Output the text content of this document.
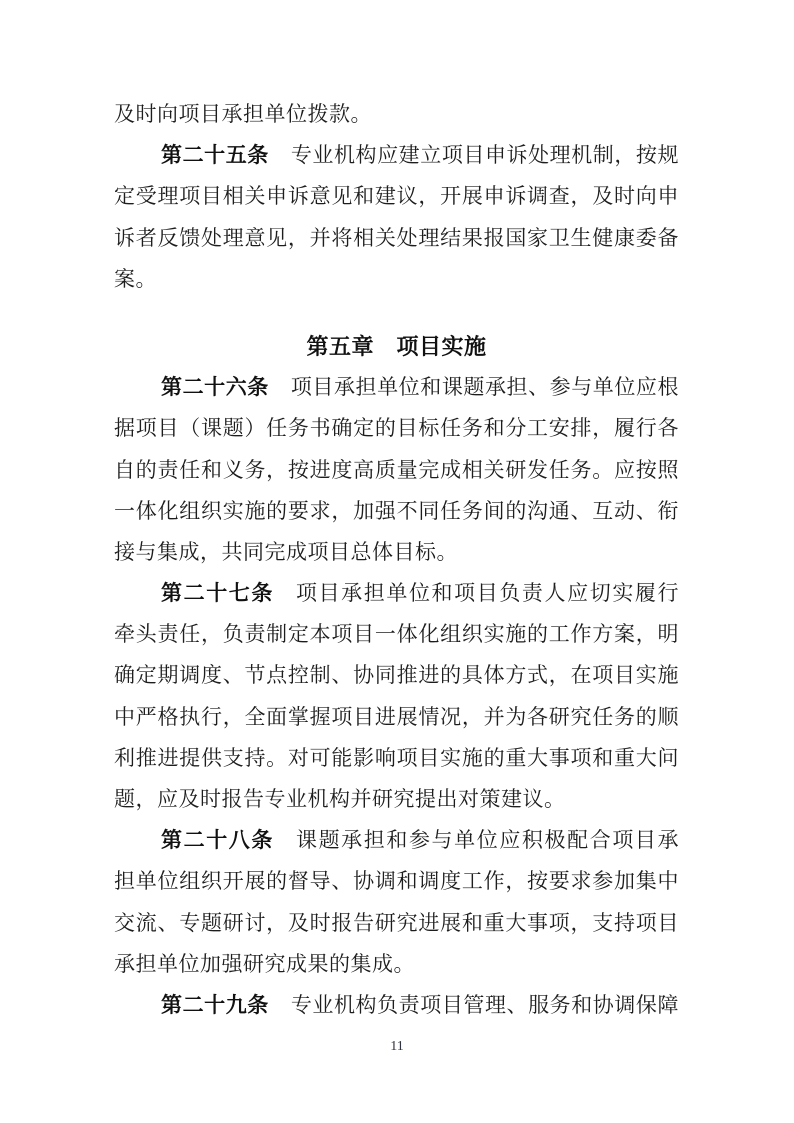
及时向项目承担单位拨款。
第二十五条 专业机构应建立项目申诉处理机制，按规
定受理项目相关申诉意见和建议，开展申诉调查，及时向申
诉者反馈处理意见，并将相关处理结果报国家卫生健康委备
案。
第五章　项目实施
第二十六条 项目承担单位和课题承担、参与单位应根
据项目（课题）任务书确定的目标任务和分工安排，履行各
自的责任和义务，按进度高质量完成相关研发任务。应按照
一体化组织实施的要求，加强不同任务间的沟通、互动、衔
接与集成，共同完成项目总体目标。
第二十七条 项目承担单位和项目负责人应切实履行
牵头责任，负责制定本项目一体化组织实施的工作方案，明
确定期调度、节点控制、协同推进的具体方式，在项目实施
中严格执行，全面掌握项目进展情况，并为各研究任务的顺
利推进提供支持。对可能影响项目实施的重大事项和重大问
题，应及时报告专业机构并研究提出对策建议。
第二十八条 课题承担和参与单位应积极配合项目承
担单位组织开展的督导、协调和调度工作，按要求参加集中
交流、专题研讨，及时报告研究进展和重大事项，支持项目
承担单位加强研究成果的集成。
第二十九条 专业机构负责项目管理、服务和协调保障
11
